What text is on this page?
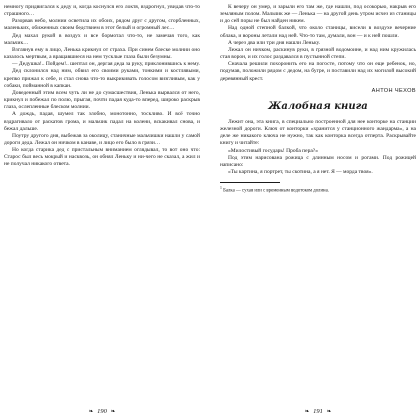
немногу придвигался к деду и, когда коснулся его локтя, вздрогнул, увидав что-то страшного…

Разорвав небо, молнии осветила их обоих, рядом друг с другом, сгорбленных, маленьких, обиженных своим бедствием в этот белый и огромный лес…

Дед махал рукой в воздух и все бормотал что-то, не замечая того, как мальчик…

Взглянув ему в лицо, Ленька крикнул от страха. При синем блеске молнии оно казалось мертвым, а вращавшиеся на нем тусклые глаза были безумны.

— Дедушка!.. Пойдем!.. шептал он, дергая деда за руку, приклонившись к нему.

Дед склонился над ним, обвил его своими руками, тонкими и костлявыми, крепко прижал к себе, и стал снова что-то выкрикивать голосом визгливым, как у собаки, пойманной в капкан.

Доведенный этим всем чуть ли не до сумасшествия, Ленька вырвался от него, крикнул и побежал по полю, прыгая, почти падая куда-то вперед, широко раскрыв глаза, ослепленные блеском молнии.

А дождь, падая, шумел так злобно, монотонно, тоскливо. И всё точно вздрагивало от раскатов грома, и мальчик падал на колени, вскакивал снова, и бежал дальше.

Поутру другого дня, выбежав за околицу, станичные мальчишки нашли у самой дороги деда. Лежал он ничком в канаве, и лицо его было в грязи…

Но когда старика дед с пристальным вниманием оглядывал, то вот оно что: Старос был весь мокрый и насквозь, он обнял Леньку и ни-чего не сказал, а жил и не получал никакого ответа.

К вечеру он умер, и зарыли его там же, где нашли, под осокорью, накрыв его земляным полом. Мальчик же — Ленька — на другой день утром исчез из станицы и до сей поры не был найден никем.

Над одной степной балкой, что около станицы, висели в воздухе вечерние облака, и вороны летали над ней. Что-то там, думали, вон — и к ней пошли.

А через два или три дня нашли Леньку.

Лежал он ничком, раскинув руки, в грязной водомоине, и над ним кружилась стая ворон, и их голос раздавался в пустынной степи.

Сначала решили похоронить его на погосте, потому что он еще ребенок, но, подумав, положили рядом с дедом, на бугре, и поставили над их могилой высокий деревянный крест.

АНТОН ЧЕХОВ
Жалобная книга

Лежит она, эта книга, в специально построенной для нее конторке на станции железной дороги. Ключ от конторки «хранится у станционного жандарма», а на деле же никакого ключа не нужно, так как конторка всегда отперта. Раскрывайте книгу и читайте:

«Милостивый государь! Проба пера?»

Под этим нарисована рожица с длинным носом и рогами. Под рожицей написано:

«Ты картина, я портрет, ты скотина, а я нет. Я — морда твоя».

$^1$ Балка — сухая или с временным водотоком долина.

❧ 190 ❧	❧ 191 ❧
